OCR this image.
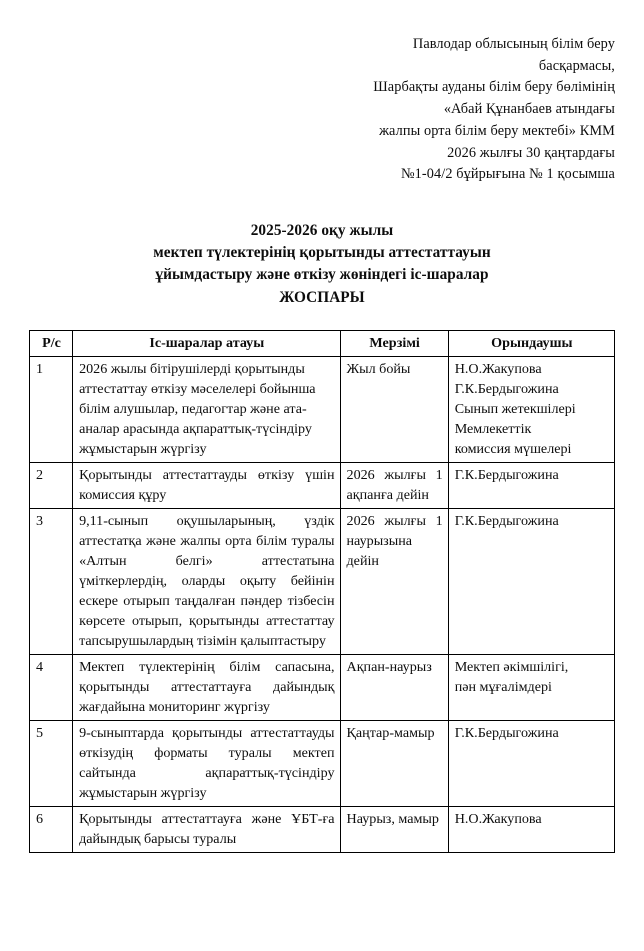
Павлодар облысының білім беру
басқармасы,
Шарбақты ауданы білім беру бөлімінің
«Абай Құнанбаев атындағы
жалпы орта білім беру мектебі» КММ
2026 жылғы 30 қаңтардағы
№1-04/2 бұйрығына № 1 қосымша
2025-2026 оқу жылы
мектеп түлектерінің қорытынды аттестаттауын
ұйымдастыру және өткізу жөніндегі іс-шаралар
ЖОСПАРЫ
Р/с	Іс-шаралар атауы	Мерзімі	Орындаушы
1	2026 жылы бітірушілерді қорытынды аттестаттау өткізу мәселелері бойынша білім алушылар, педагогтар және ата-аналар арасында ақпараттық-түсіндіру жұмыстарын жүргізу	Жыл бойы	Н.О.Жакупова
Г.К.Бердыгожина
Сынып жетекшілері
Мемлекеттік
комиссия мүшелері

2	Қорытынды аттестаттауды өткізу үшін комиссия құру	2026 жылғы 1 ақпанға дейін	Г.К.Бердыгожина

3	9,11-сынып оқушыларының, үздік аттестатқа және жалпы орта білім туралы «Алтын белгі» аттестатына үміткерлердің, оларды оқыту бейінін ескере отырып таңдалған пәндер тізбесін көрсете отырып, қорытынды аттестаттау тапсырушылардың тізімін қалыптастыру	2026 жылғы 1 наурызына дейін	Г.К.Бердыгожина

4	Мектеп түлектерінің білім сапасына, қорытынды аттестаттауға дайындық жағдайына мониторинг жүргізу	Ақпан-наурыз	Мектеп әкімшілігі,
пән мұғалімдері

5	9-сыныптарда қорытынды аттестаттауды өткізудің форматы туралы мектеп сайтында ақпараттық-түсіндіру жұмыстарын жүргізу	Қаңтар-мамыр	Г.К.Бердыгожина

6	Қорытынды аттестаттауға және ҰБТ-ға дайындық барысы туралы	Наурыз, мамыр	Н.О.Жакупова
